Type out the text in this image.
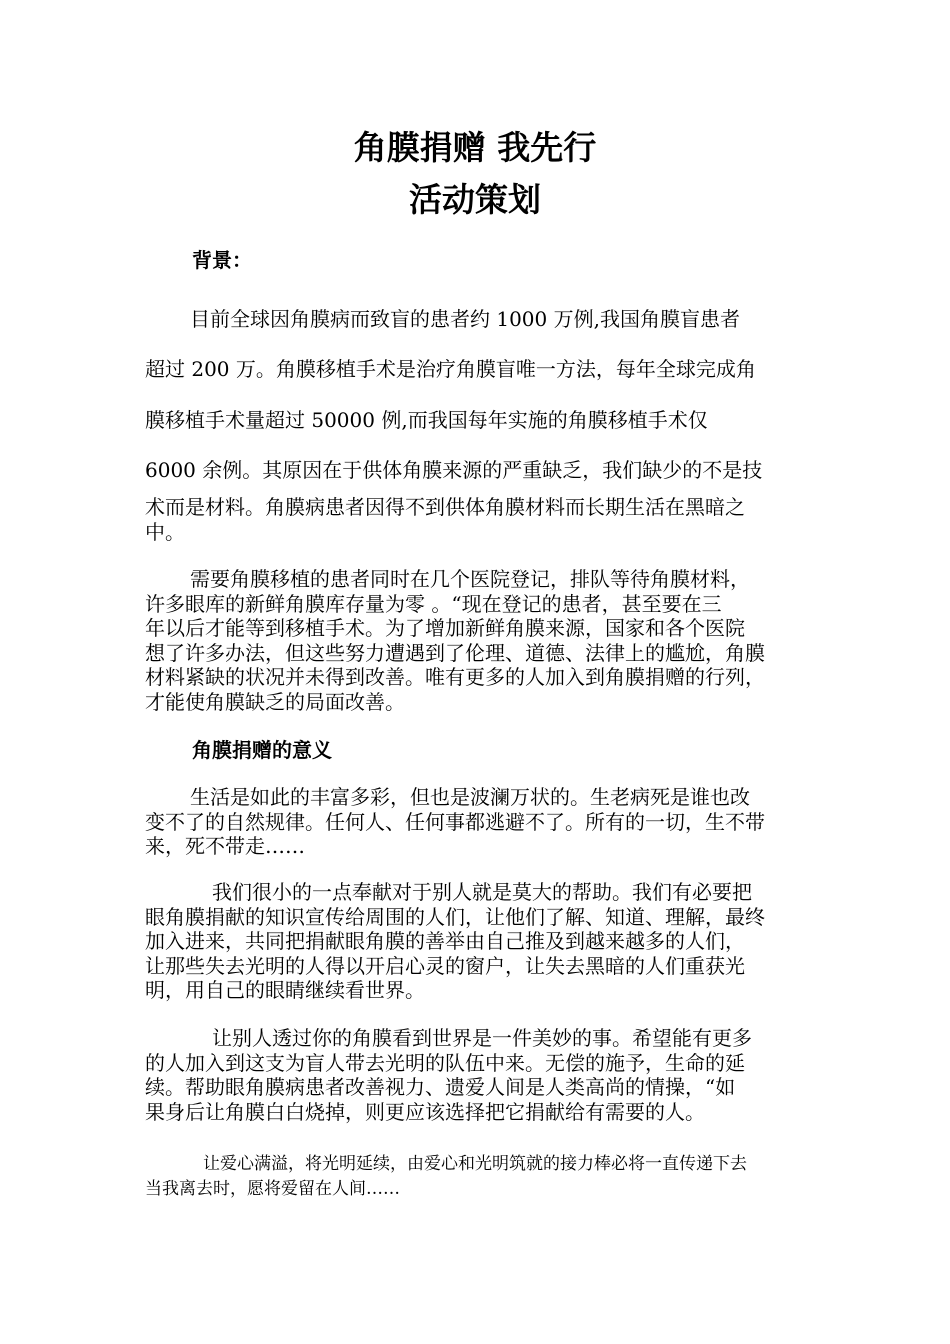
角膜捐赠 我先行
活动策划
背景：

目前全球因角膜病而致盲的患者约 1000 万例,我国角膜盲患者

超过 200 万。角膜移植手术是治疗角膜盲唯一方法，每年全球完成角

膜移植手术量超过 50000 例,而我国每年实施的角膜移植手术仅

6000 余例。其原因在于供体角膜来源的严重缺乏，我们缺少的不是技

术而是材料。角膜病患者因得不到供体角膜材料而长期生活在黑暗之

中。

需要角膜移植的患者同时在几个医院登记，排队等待角膜材料，
许多眼库的新鲜角膜库存量为零 。“现在登记的患者，甚至要在三
年以后才能等到移植手术。为了增加新鲜角膜来源，国家和各个医院
想了许多办法，但这些努力遭遇到了伦理、道德、法律上的尴尬，角膜
材料紧缺的状况并未得到改善。唯有更多的人加入到角膜捐赠的行列，
才能使角膜缺乏的局面改善。
角膜捐赠的意义
生活是如此的丰富多彩，但也是波澜万状的。生老病死是谁也改
变不了的自然规律。任何人、任何事都逃避不了。所有的一切，生不带
来，死不带走……
我们很小的一点奉献对于别人就是莫大的帮助。我们有必要把
眼角膜捐献的知识宣传给周围的人们，让他们了解、知道、理解，最终
加入进来，共同把捐献眼角膜的善举由自己推及到越来越多的人们，
让那些失去光明的人得以开启心灵的窗户，让失去黑暗的人们重获光
明，用自己的眼睛继续看世界。
让别人透过你的角膜看到世界是一件美妙的事。希望能有更多
的人加入到这支为盲人带去光明的队伍中来。无偿的施予，生命的延
续。帮助眼角膜病患者改善视力、遗爱人间是人类高尚的情操，“如
果身后让角膜白白烧掉，则更应该选择把它捐献给有需要的人。
让爱心满溢，将光明延续，由爱心和光明筑就的接力棒必将一直传递下去
当我离去时，愿将爱留在人间……
